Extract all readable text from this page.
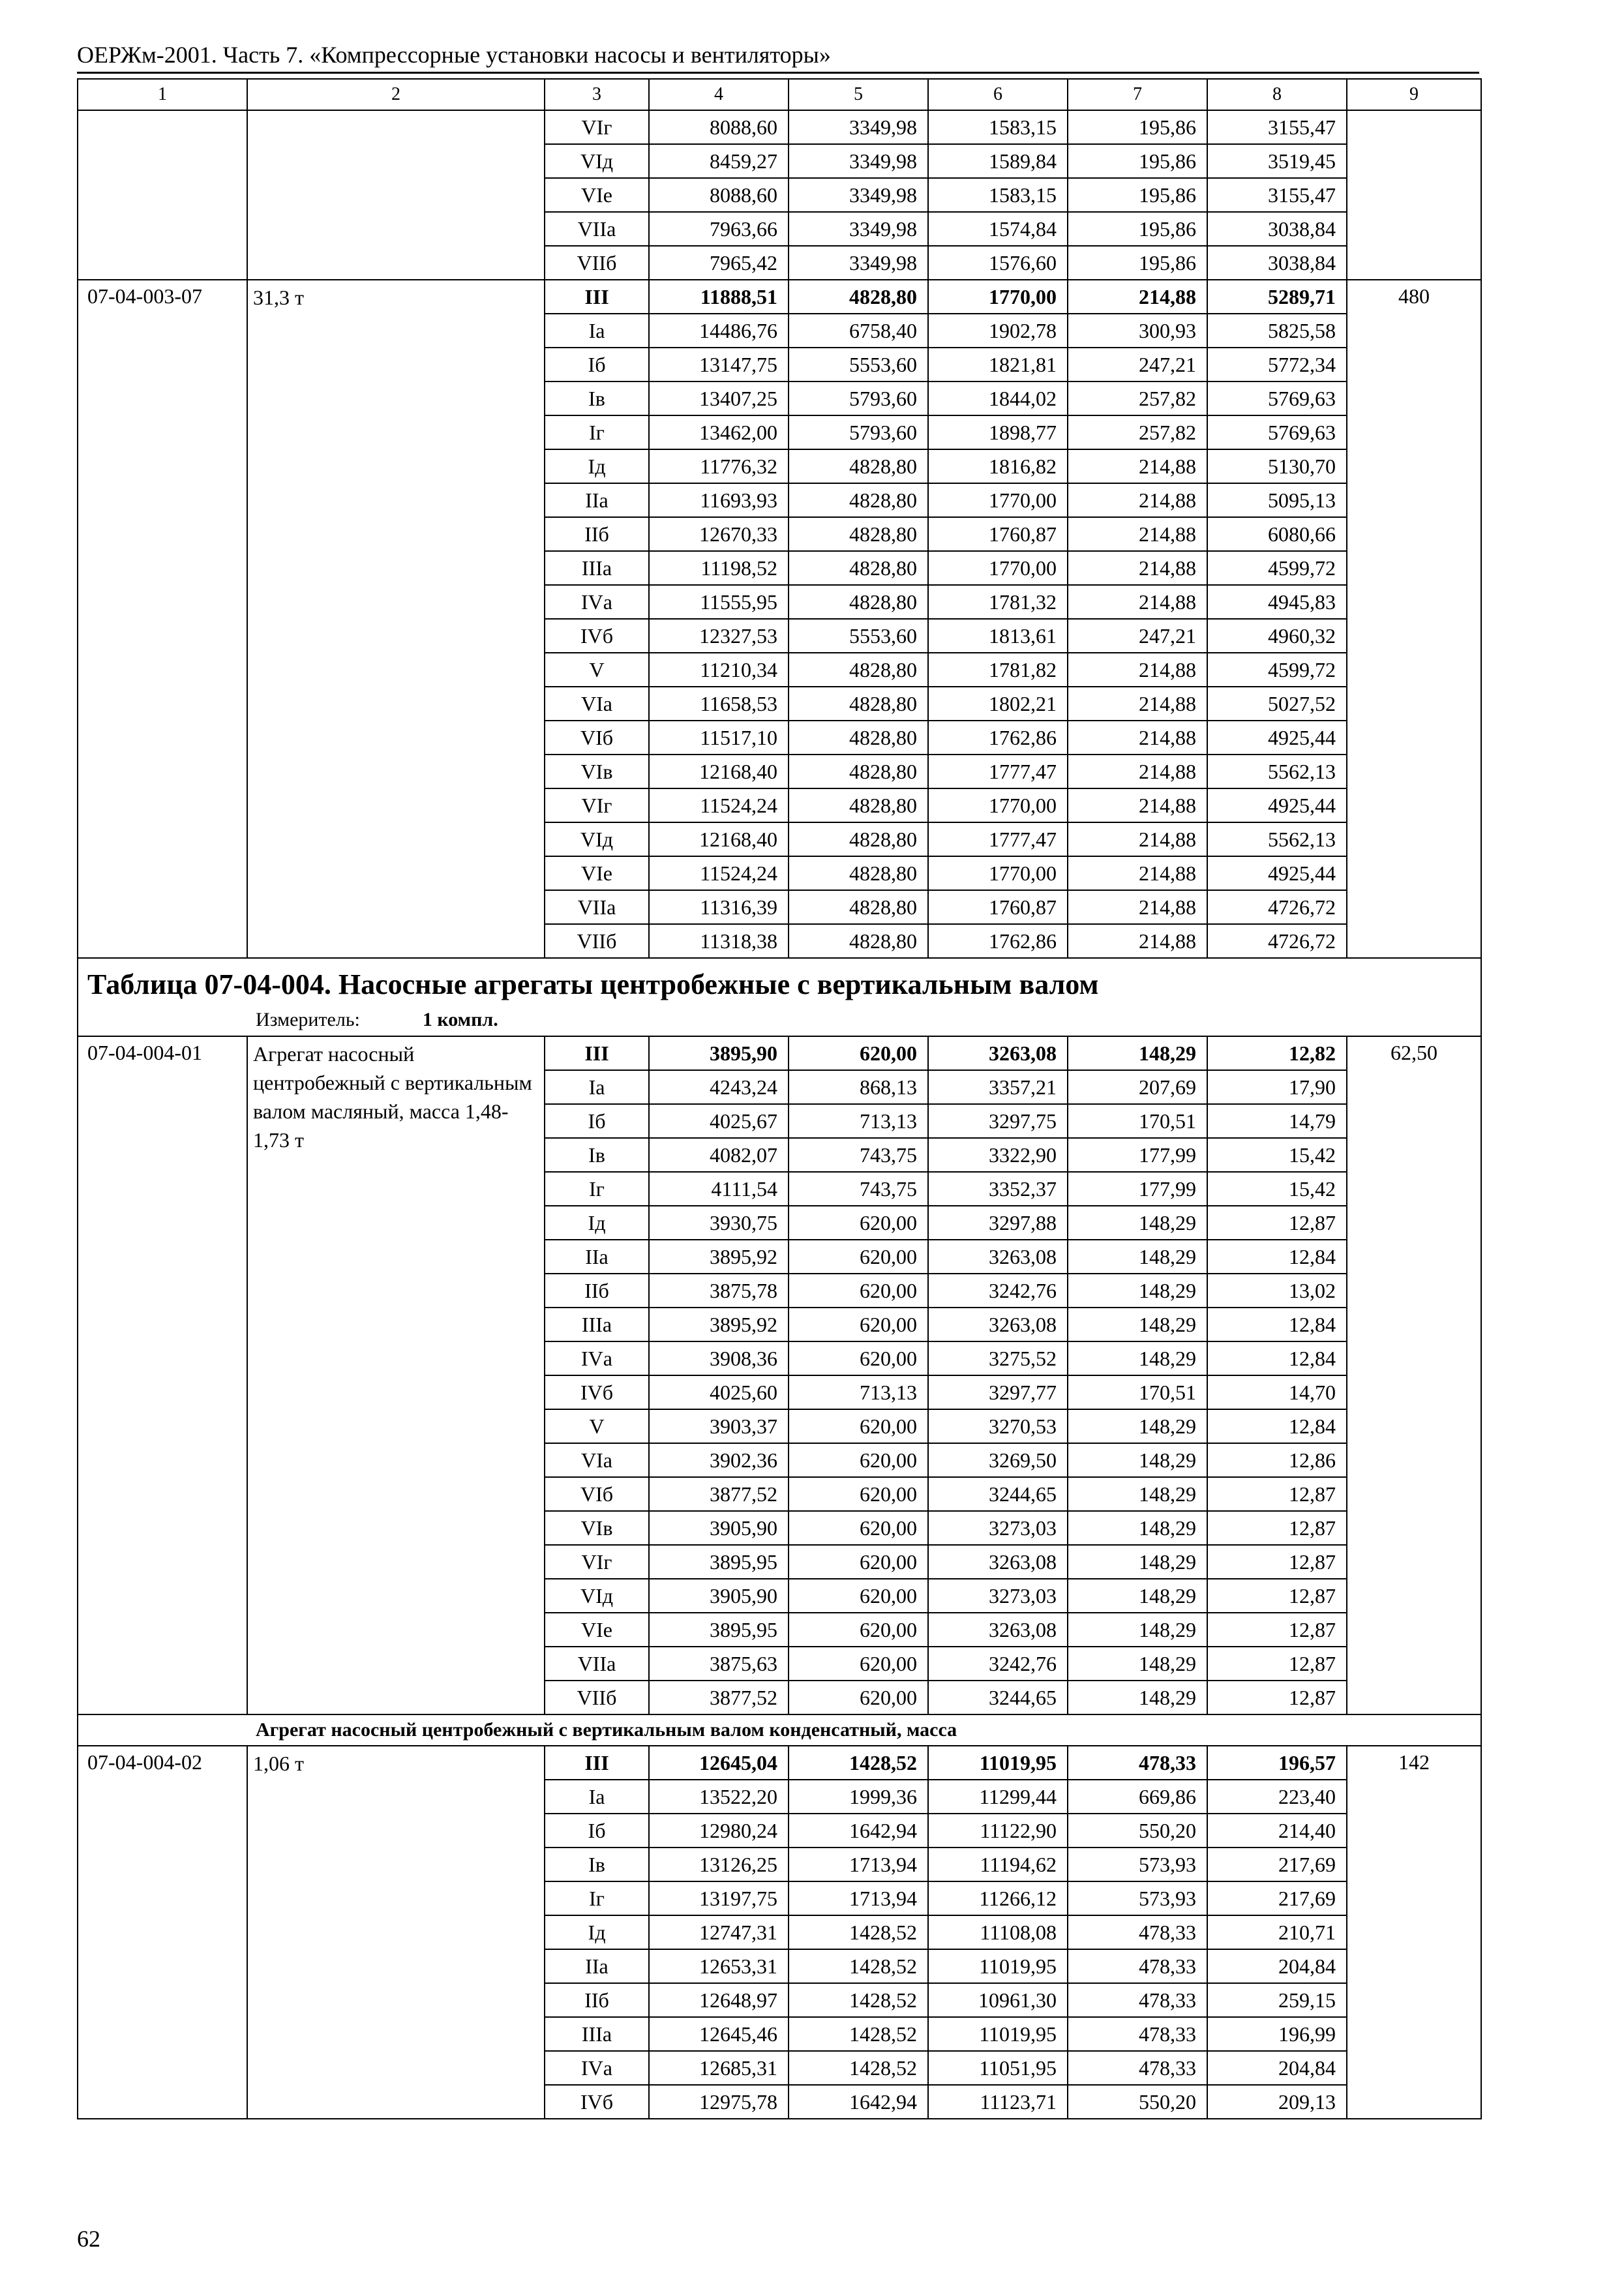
ОЕРЖм-2001. Часть 7. «Компрессорные установки насосы и вентиляторы»
1	2	3	4	5	6	7	8	9
		VIг	8088,60	3349,98	1583,15	195,86	3155,47	
		VIд	8459,27	3349,98	1589,84	195,86	3519,45	
		VIе	8088,60	3349,98	1583,15	195,86	3155,47	
		VIIа	7963,66	3349,98	1574,84	195,86	3038,84	
		VIIб	7965,42	3349,98	1576,60	195,86	3038,84	
07-04-003-07	31,3 т	III	11888,51	4828,80	1770,00	214,88	5289,71	480
		Iа	14486,76	6758,40	1902,78	300,93	5825,58	
		Iб	13147,75	5553,60	1821,81	247,21	5772,34	
		Iв	13407,25	5793,60	1844,02	257,82	5769,63	
		Iг	13462,00	5793,60	1898,77	257,82	5769,63	
		Iд	11776,32	4828,80	1816,82	214,88	5130,70	
		IIа	11693,93	4828,80	1770,00	214,88	5095,13	
		IIб	12670,33	4828,80	1760,87	214,88	6080,66	
		IIIа	11198,52	4828,80	1770,00	214,88	4599,72	
		IVа	11555,95	4828,80	1781,32	214,88	4945,83	
		IVб	12327,53	5553,60	1813,61	247,21	4960,32	
		V	11210,34	4828,80	1781,82	214,88	4599,72	
		VIа	11658,53	4828,80	1802,21	214,88	5027,52	
		VIб	11517,10	4828,80	1762,86	214,88	4925,44	
		VIв	12168,40	4828,80	1777,47	214,88	5562,13	
		VIг	11524,24	4828,80	1770,00	214,88	4925,44	
		VIд	12168,40	4828,80	1777,47	214,88	5562,13	
		VIе	11524,24	4828,80	1770,00	214,88	4925,44	
		VIIа	11316,39	4828,80	1760,87	214,88	4726,72	
		VIIб	11318,38	4828,80	1762,86	214,88	4726,72	
Таблица 07-04-004. Насосные агрегаты центробежные с вертикальным валом								
Измеритель: 1 компл.								
07-04-004-01	Агрегат насосный центробежный с вертикальным валом масляный, масса 1,48-1,73 т	III	3895,90	620,00	3263,08	148,29	12,82	62,50
		Iа	4243,24	868,13	3357,21	207,69	17,90	
		Iб	4025,67	713,13	3297,75	170,51	14,79	
		Iв	4082,07	743,75	3322,90	177,99	15,42	
		Iг	4111,54	743,75	3352,37	177,99	15,42	
		Iд	3930,75	620,00	3297,88	148,29	12,87	
		IIа	3895,92	620,00	3263,08	148,29	12,84	
		IIб	3875,78	620,00	3242,76	148,29	13,02	
		IIIа	3895,92	620,00	3263,08	148,29	12,84	
		IVа	3908,36	620,00	3275,52	148,29	12,84	
		IVб	4025,60	713,13	3297,77	170,51	14,70	
		V	3903,37	620,00	3270,53	148,29	12,84	
		VIа	3902,36	620,00	3269,50	148,29	12,86	
		VIб	3877,52	620,00	3244,65	148,29	12,87	
		VIв	3905,90	620,00	3273,03	148,29	12,87	
		VIг	3895,95	620,00	3263,08	148,29	12,87	
		VIд	3905,90	620,00	3273,03	148,29	12,87	
		VIе	3895,95	620,00	3263,08	148,29	12,87	
		VIIа	3875,63	620,00	3242,76	148,29	12,87	
		VIIб	3877,52	620,00	3244,65	148,29	12,87	
Агрегат насосный центробежный с вертикальным валом конденсатный, масса								
07-04-004-02	1,06 т	III	12645,04	1428,52	11019,95	478,33	196,57	142
		Iа	13522,20	1999,36	11299,44	669,86	223,40	
		Iб	12980,24	1642,94	11122,90	550,20	214,40	
		Iв	13126,25	1713,94	11194,62	573,93	217,69	
		Iг	13197,75	1713,94	11266,12	573,93	217,69	
		Iд	12747,31	1428,52	11108,08	478,33	210,71	
		IIа	12653,31	1428,52	11019,95	478,33	204,84	
		IIб	12648,97	1428,52	10961,30	478,33	259,15	
		IIIа	12645,46	1428,52	11019,95	478,33	196,99	
		IVа	12685,31	1428,52	11051,95	478,33	204,84	
		IVб	12975,78	1642,94	11123,71	550,20	209,13	
62
